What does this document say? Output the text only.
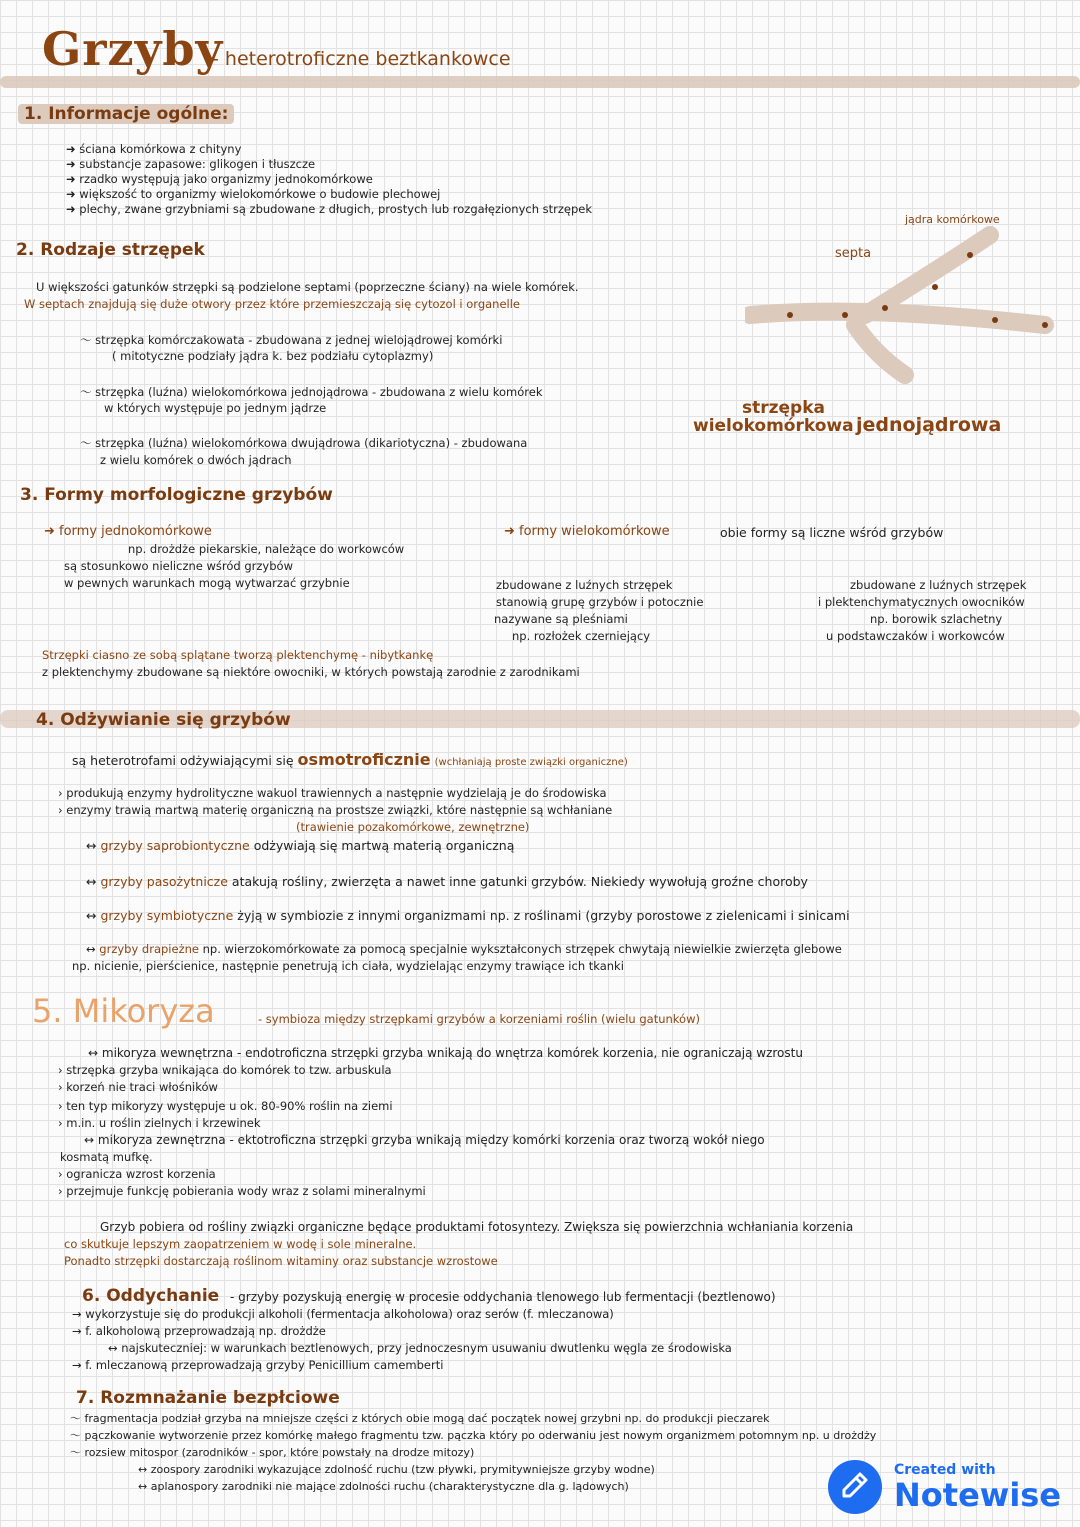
Grzyby
- heterotroficzne beztkankowce
1. Informacje ogólne:
➜ ściana komórkowa z chityny
➜ substancje zapasowe: glikogen i tłuszcze
➜ rzadko występują jako organizmy jednokomórkowe
➜ większość to organizmy wielokomórkowe o budowie plechowej
➜ plechy, zwane grzybniami są zbudowane z długich, prostych lub rozgałęzionych strzępek
2. Rodzaje strzępek
U większości gatunków strzępki są podzielone septami (poprzeczne ściany) na wiele komórek.
W septach znajdują się duże otwory przez które przemieszczają się cytozol i organelle
〜 strzępka komórczakowata - zbudowana z jednej wielojądrowej komórki
( mitotyczne podziały jądra k. bez podziału cytoplazmy)
〜 strzępka (luźna) wielokomórkowa jednojądrowa - zbudowana z wielu komórek
w których występuje po jednym jądrze
〜 strzępka (luźna) wielokomórkowa dwujądrowa (dikariotyczna) - zbudowana
z wielu komórek o dwóch jądrach
septa
jądra komórkowe
strzępka
wielokomórkowa jednojądrowa
3. Formy morfologiczne grzybów
➜ formy jednokomórkowe
np. drożdże piekarskie, należące do workowców
są stosunkowo nieliczne wśród grzybów
w pewnych warunkach mogą wytwarzać grzybnie
➜ formy wielokomórkowe	obie formy są liczne wśród grzybów
zbudowane z luźnych strzępek
stanowią grupę grzybów i potocznie
nazywane są pleśniami
np. rozłożek czerniejący
zbudowane z luźnych strzępek
i plektenchymatycznych owocników
np. borowik szlachetny
u podstawczaków i workowców
Strzępki ciasno ze sobą splątane tworzą plektenchymę - nibytkankę
z plektenchymy zbudowane są niektóre owocniki, w których powstają zarodnie z zarodnikami
4. Odżywianie się grzybów
są heterotrofami odżywiającymi się osmotroficznie (wchłaniają proste związki organiczne)
› produkują enzymy hydrolityczne wakuol trawiennych a następnie wydzielają je do środowiska
› enzymy trawią martwą materię organiczną na prostsze związki, które następnie są wchłaniane
(trawienie pozakomórkowe, zewnętrzne)
↔ grzyby saprobiontyczne odżywiają się martwą materią organiczną
↔ grzyby pasożytnicze atakują rośliny, zwierzęta a nawet inne gatunki grzybów. Niekiedy wywołują groźne choroby
↔ grzyby symbiotyczne żyją w symbiozie z innymi organizmami np. z roślinami (grzyby porostowe z zielenicami i sinicami
↔ grzyby drapieżne np. wierzokomórkowate za pomocą specjalnie wykształconych strzępek chwytają niewielkie zwierzęta glebowe
np. nicienie, pierścienice, następnie penetrują ich ciała, wydzielając enzymy trawiące ich tkanki
5. Mikoryza	- symbioza między strzępkami grzybów a korzeniami roślin (wielu gatunków)
↔ mikoryza wewnętrzna - endotroficzna strzępki grzyba wnikają do wnętrza komórek korzenia, nie ograniczają wzrostu
› strzępka grzyba wnikająca do komórek to tzw. arbuskula
› korzeń nie traci włośników
› ten typ mikoryzy występuje u ok. 80-90% roślin na ziemi
› m.in. u roślin zielnych i krzewinek
↔ mikoryza zewnętrzna - ektotroficzna strzępki grzyba wnikają między komórki korzenia oraz tworzą wokół niego
kosmatą mufkę.
› ogranicza wzrost korzenia
› przejmuje funkcję pobierania wody wraz z solami mineralnymi
Grzyb pobiera od rośliny związki organiczne będące produktami fotosyntezy. Zwiększa się powierzchnia wchłaniania korzenia
co skutkuje lepszym zaopatrzeniem w wodę i sole mineralne.
Ponadto strzępki dostarczają roślinom witaminy oraz substancje wzrostowe
6. Oddychanie - grzyby pozyskują energię w procesie oddychania tlenowego lub fermentacji (beztlenowo)
→ wykorzystuje się do produkcji alkoholi (fermentacja alkoholowa) oraz serów (f. mleczanowa)
→ f. alkoholową przeprowadzają np. drożdże
↔ najskuteczniej: w warunkach beztlenowych, przy jednoczesnym usuwaniu dwutlenku węgla ze środowiska
→ f. mleczanową przeprowadzają grzyby Penicillium camemberti
7. Rozmnażanie bezpłciowe
〜 fragmentacja podział grzyba na mniejsze części z których obie mogą dać początek nowej grzybni np. do produkcji pieczarek
〜 pączkowanie wytworzenie przez komórkę małego fragmentu tzw. pączka który po oderwaniu jest nowym organizmem potomnym np. u drożdży
〜 rozsiew mitospor (zarodników - spor, które powstały na drodze mitozy)
↔ zoospory zarodniki wykazujące zdolność ruchu (tzw pływki, prymitywniejsze grzyby wodne)
↔ aplanospory zarodniki nie mające zdolności ruchu (charakterystyczne dla g. lądowych)
Created with
Notewise
